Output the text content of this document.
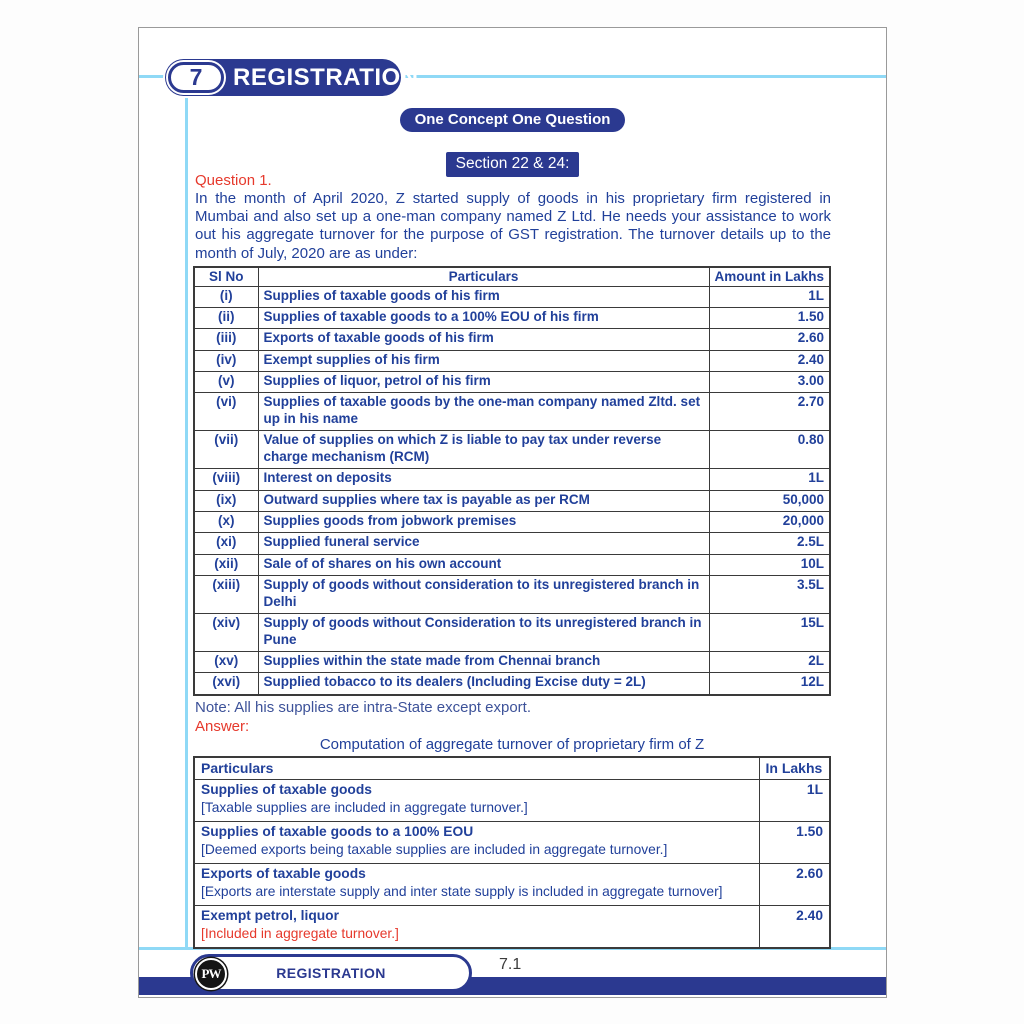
7	REGISTRATION
One Concept One Question
Section 22 & 24:
Question 1.
In the month of April 2020, Z started supply of goods in his proprietary firm registered in Mumbai and also set up a one-man company named Z Ltd. He needs your assistance to work out his aggregate turnover for the purpose of GST registration. The turnover details up to the month of July, 2020 are as under:
Sl No	Particulars	Amount in Lakhs
(i)	Supplies of taxable goods of his firm	1L
(ii)	Supplies of taxable goods to a 100% EOU of his firm	1.50
(iii)	Exports of taxable goods of his firm	2.60
(iv)	Exempt supplies of his firm	2.40
(v)	Supplies of liquor, petrol of his firm	3.00
(vi)	Supplies of taxable goods by the one-man company named Zltd. set up in his name	2.70
(vii)	Value of supplies on which Z is liable to pay tax under reverse charge mechanism (RCM)	0.80
(viii)	Interest on deposits	1L
(ix)	Outward supplies where tax is payable as per RCM	50,000
(x)	Supplies goods from jobwork premises	20,000
(xi)	Supplied funeral service	2.5L
(xii)	Sale of of shares on his own account	10L
(xiii)	Supply of goods without consideration to its unregistered branch in Delhi	3.5L
(xiv)	Supply of goods without Consideration to its unregistered branch in Pune	15L
(xv)	Supplies within the state made from Chennai branch	2L
(xvi)	Supplied tobacco to its dealers (Including Excise duty = 2L)	12L
Note: All his supplies are intra-State except export.
Answer:
Computation of aggregate turnover of proprietary firm of Z
Particulars	In Lakhs

Supplies of taxable goods
[Taxable supplies are included in aggregate turnover.]	1L

Supplies of taxable goods to a 100% EOU
[Deemed exports being taxable supplies are included in aggregate turnover.]	1.50

Exports of taxable goods
[Exports are interstate supply and inter state supply is included in aggregate turnover]	2.60

Exempt petrol, liquor
[Included in aggregate turnover.]	2.40
PW	REGISTRATION	7.1
